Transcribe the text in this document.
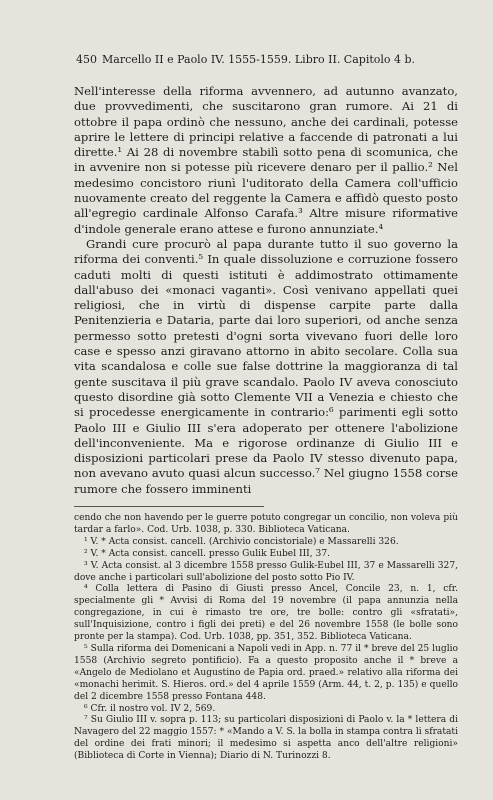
450 Marcello II e Paolo IV. 1555-1559. Libro II. Capitolo 4 b.

Nell'interesse della riforma avvennero, ad autunno avanzato, due provvedimenti, che suscitarono gran rumore. Ai 21 di ottobre il papa ordinò che nessuno, anche dei cardinali, potesse aprire le lettere di principi relative a faccende di patronati a lui dirette.¹ Ai 28 di novembre stabilì sotto pena di scomunica, che in avvenire non si potesse più ricevere denaro per il pallio.² Nel medesimo concistoro riunì l'uditorato della Camera coll'ufficio nuovamente creato del reggente la Camera e affidò questo posto all'egregio cardinale Alfonso Carafa.³ Altre misure riformative d'indole generale erano attese e furono annunziate.⁴

Grandi cure procurò al papa durante tutto il suo governo la riforma dei conventi.⁵ In quale dissoluzione e corruzione fossero caduti molti di questi istituti è addimostrato ottimamente dall'abuso dei «monaci vaganti». Così venivano appellati quei religiosi, che in virtù di dispense carpite parte dalla Penitenzieria e Dataria, parte dai loro superiori, od anche senza permesso sotto pretesti d'ogni sorta vivevano fuori delle loro case e spesso anzi giravano attorno in abito secolare. Colla sua vita scandalosa e colle sue false dottrine la maggioranza di tal gente suscitava il più grave scandalo. Paolo IV aveva conosciuto questo disordine già sotto Clemente VII a Venezia e chiesto che si procedesse energicamente in contrario:⁶ parimenti egli sotto Paolo III e Giulio III s'era adoperato per ottenere l'abolizione dell'inconveniente. Ma e rigorose ordinanze di Giulio III e disposizioni particolari prese da Paolo IV stesso divenuto papa, non avevano avuto quasi alcun successo.⁷ Nel giugno 1558 corse rumore che fossero imminenti

cendo che non havendo per le guerre potuto congregar un concilio, non voleva più tardar a farlo». Cod. Urb. 1038, p. 330. Biblioteca Vaticana.

¹ V. * Acta consist. cancell. (Archivio concistoriale) e Massarelli 326.

² V. * Acta consist. cancell. presso Gulik Eubel III, 37.

³ V. Acta consist. al 3 dicembre 1558 presso Gulik-Eubel III, 37 e Massarelli 327, dove anche i particolari sull'abolizione del posto sotto Pio IV.

⁴ Colla lettera di Pasino di Giusti presso Ancel, Concile 23, n. 1, cfr. specialmente gli * Avvisi di Roma del 19 novembre (il papa annunzia nella congregazione, in cui è rimasto tre ore, tre bolle: contro gli «sfratati», sull'Inquisizione, contro i figli dei preti) e del 26 novembre 1558 (le bolle sono pronte per la stampa). Cod. Urb. 1038, pp. 351, 352. Biblioteca Vaticana.

⁵ Sulla riforma dei Domenicani a Napoli vedi in App. n. 77 il * breve del 25 luglio 1558 (Archivio segreto pontificio). Fa a questo proposito anche il * breve a «Angelo de Mediolano et Augustino de Papia ord. praed.» relativo alla riforma dei «monachi herimit. S. Hieros. ord.» del 4 aprile 1559 (Arm. 44, t. 2, p. 135) e quello del 2 dicembre 1558 presso Fontana 448.

⁶ Cfr. il nostro vol. IV 2, 569.

⁷ Su Giulio III v. sopra p. 113; su particolari disposizioni di Paolo v. la * lettera di Navagero del 22 maggio 1557: * «Mando a V. S. la bolla in stampa contra li sfratati del ordine dei frati minori; il medesimo si aspetta anco dell'altre religioni» (Biblioteca di Corte in Vienna); Diario di N. Turinozzi 8.
